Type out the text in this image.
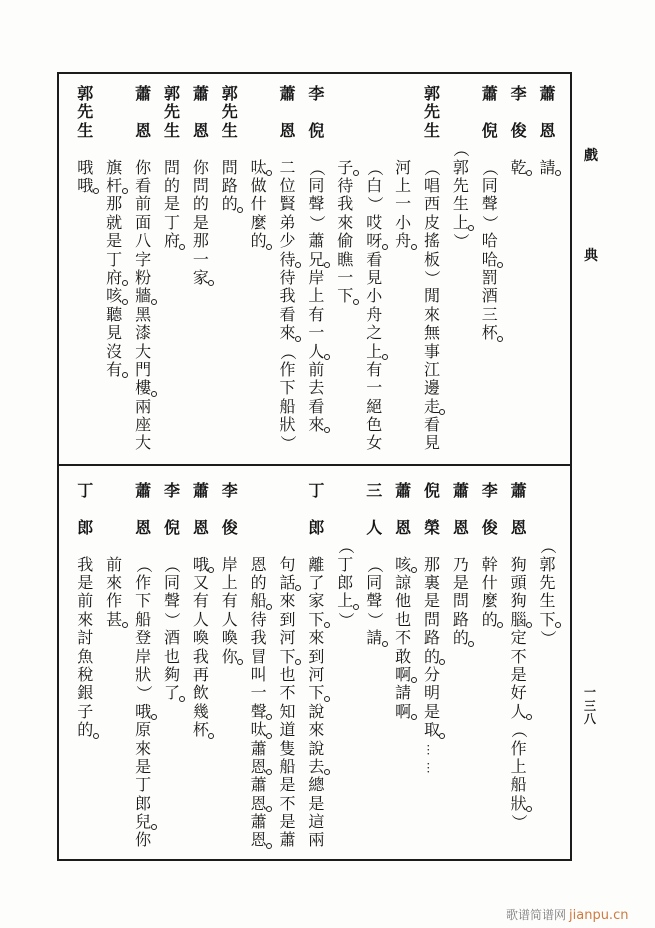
戲
典
一
三
八
蕭
恩
請
李
俊
乾
蕭
倪
（
同
聲
）
哈
哈
罰
酒
三
杯
（
郭
先
生
上
）
郭
先
生
（
唱
西
皮
搖
板
）
閒
來
無
事
江
邊
走
看
見
河
上
一
小
舟
（
白
）
哎
呀
看
見
小
舟
之
上
有
一
絕
色
女
子
待
我
來
偷
瞧
一
下
李
倪
（
同
聲
）
蕭
兄
岸
上
有
一
人
前
去
看
來
蕭
恩
二
位
賢
弟
少
待
待
我
看
來
（
作
下
船
狀
）
呔
做
什
麼
的
郭
先
生
問
路
的
蕭
恩
你
問
的
是
那
一
家
郭
先
生
問
的
是
丁
府
蕭
恩
你
看
前
面
八
字
粉
牆
黑
漆
大
門
樓
兩
座
大
旗
杆
那
就
是
丁
府
咳
聽
見
沒
有
郭
先
生
哦
哦
（
郭
先
生
下
）
蕭
恩
狗
頭
狗
腦
定
不
是
好
人
（
作
上
船
狀
）
李
俊
幹
什
麼
的
蕭
恩
乃
是
問
路
的
倪
榮
那
裏
是
問
路
的
分
明
是
取
…
…
蕭
恩
咳
諒
他
也
不
敢
啊
請
啊
三
人
（
同
聲
）
請
（
丁
郎
上
）
丁
郎
離
了
家
下
來
到
河
下
說
來
說
去
總
是
這
兩
句
話
來
到
河
下
也
不
知
道
隻
船
是
不
是
蕭
恩
的
船
待
我
冒
叫
一
聲
呔
蕭
恩
蕭
恩
蕭
恩
李
俊
岸
上
有
人
喚
你
蕭
恩
哦
又
有
人
喚
我
再
飲
幾
杯
李
倪
（
同
聲
）
酒
也
夠
了
蕭
恩
（
作
下
船
登
岸
狀
）
哦
原
來
是
丁
郎
兒
你
前
來
作
甚
丁
郎
我
是
前
來
討
魚
稅
銀
子
的
歌谱简谱网 jianpu.cn
